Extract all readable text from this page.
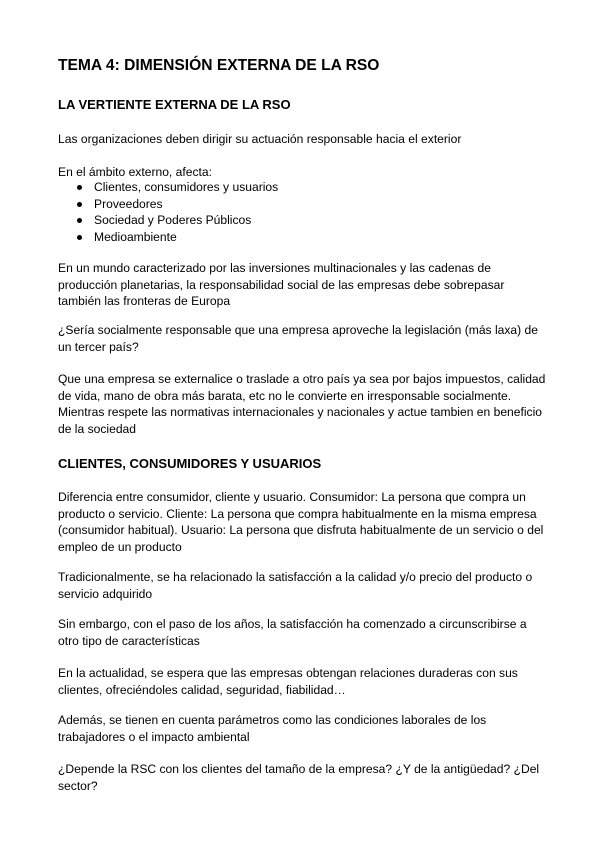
TEMA 4: DIMENSIÓN EXTERNA DE LA RSO
LA VERTIENTE EXTERNA DE LA RSO

Las organizaciones deben dirigir su actuación responsable hacia el exterior

En el ámbito externo, afecta:

Clientes, consumidores y usuarios
Proveedores
Sociedad y Poderes Públicos
Medioambiente

En un mundo caracterizado por las inversiones multinacionales y las cadenas de producción planetarias, la responsabilidad social de las empresas debe sobrepasar también las fronteras de Europa

¿Sería socialmente responsable que una empresa aproveche la legislación (más laxa) de un tercer país?

Que una empresa se externalice o traslade a otro país ya sea por bajos impuestos, calidad de vida, mano de obra más barata, etc no le convierte en irresponsable socialmente. Mientras respete las normativas internacionales y nacionales y actue tambien en beneficio de la sociedad

CLIENTES, CONSUMIDORES Y USUARIOS

Diferencia entre consumidor, cliente y usuario. Consumidor: La persona que compra un producto o servicio. Cliente: La persona que compra habitualmente en la misma empresa (consumidor habitual). Usuario: La persona que disfruta habitualmente de un servicio o del empleo de un producto

Tradicionalmente, se ha relacionado la satisfacción a la calidad y/o precio del producto o servicio adquirido

Sin embargo, con el paso de los años, la satisfacción ha comenzado a circunscribirse a otro tipo de características

En la actualidad, se espera que las empresas obtengan relaciones duraderas con sus clientes, ofreciéndoles calidad, seguridad, fiabilidad…

Además, se tienen en cuenta parámetros como las condiciones laborales de los trabajadores o el impacto ambiental

¿Depende la RSC con los clientes del tamaño de la empresa? ¿Y de la antigüedad? ¿Del sector?
